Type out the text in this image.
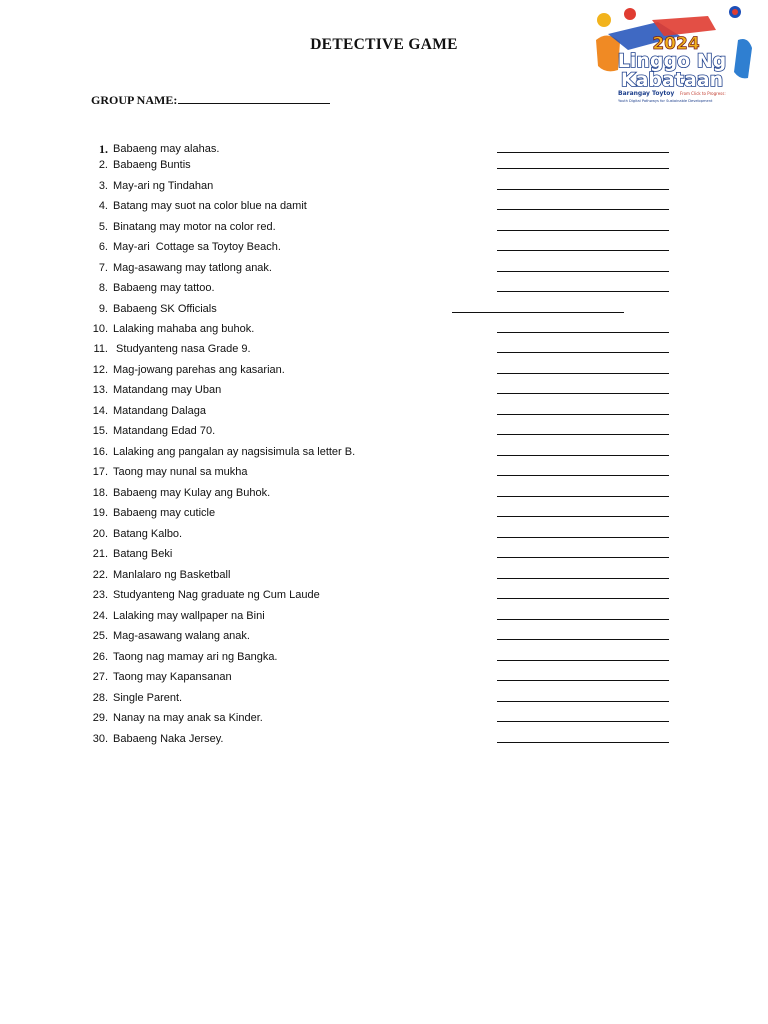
DETECTIVE GAME
GROUP NAME:
2024
Linggo Ng
Kabataan
Barangay Toytoy From Click to Progress:
Youth Digital Pathways for Sustainable Development
1. Babaeng may alahas.
2. Babaeng Buntis
3. May-ari ng Tindahan
4. Batang may suot na color blue na damit
5. Binatang may motor na color red.
6. May-ari  Cottage sa Toytoy Beach.
7. Mag-asawang may tatlong anak.
8. Babaeng may tattoo.
9. Babaeng SK Officials
10. Lalaking mahaba ang buhok.
11. Studyanteng nasa Grade 9.
12. Mag-jowang parehas ang kasarian.
13. Matandang may Uban
14. Matandang Dalaga
15. Matandang Edad 70.
16. Lalaking ang pangalan ay nagsisimula sa letter B.
17. Taong may nunal sa mukha
18. Babaeng may Kulay ang Buhok.
19. Babaeng may cuticle
20. Batang Kalbo.
21. Batang Beki
22. Manlalaro ng Basketball
23. Studyanteng Nag graduate ng Cum Laude
24. Lalaking may wallpaper na Bini
25. Mag-asawang walang anak.
26. Taong nag mamay ari ng Bangka.
27. Taong may Kapansanan
28. Single Parent.
29. Nanay na may anak sa Kinder.
30. Babaeng Naka Jersey.
